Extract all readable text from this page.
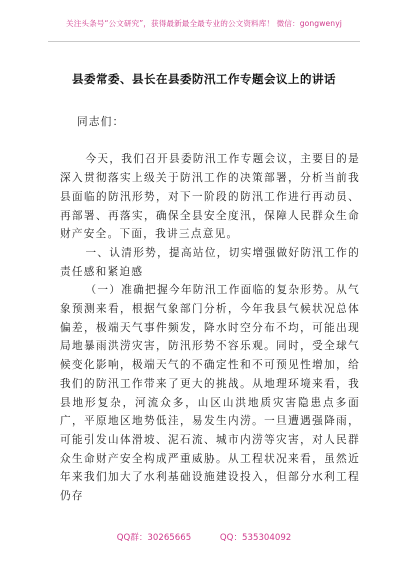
关注头条号“公文研究”，获得最新最全最专业的公文资料库！ 微信：gongwenyj
县委常委、县长在县委防汛工作专题会议上的讲话

同志们：

今天，我们召开县委防汛工作专题会议，主要目的是深入贯彻落实上级关于防汛工作的决策部署，分析当前我县面临的防汛形势，对下一阶段的防汛工作进行再动员、再部署、再落实，确保全县安全度汛，保障人民群众生命财产安全。下面，我讲三点意见。

一、认清形势，提高站位，切实增强做好防汛工作的责任感和紧迫感

（一）准确把握今年防汛工作面临的复杂形势。从气象预测来看，根据气象部门分析，今年我县气候状况总体偏差，极端天气事件频发，降水时空分布不均，可能出现局地暴雨洪涝灾害，防汛形势不容乐观。同时，受全球气候变化影响，极端天气的不确定性和不可预见性增加，给我们的防汛工作带来了更大的挑战。从地理环境来看，我县地形复杂，河流众多，山区山洪地质灾害隐患点多面广，平原地区地势低洼，易发生内涝。一旦遭遇强降雨，可能引发山体滑坡、泥石流、城市内涝等灾害，对人民群众生命财产安全构成严重威胁。从工程状况来看，虽然近年来我们加大了水利基础设施建设投入，但部分水利工程仍存

QQ群：30265665	QQ：535304092
